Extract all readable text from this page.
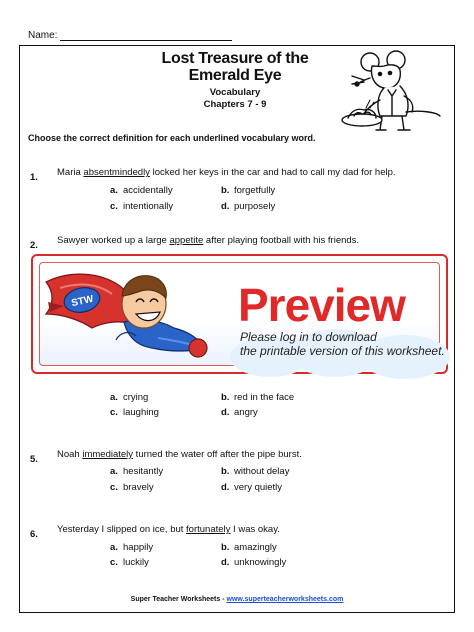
Name:
Lost Treasure of the
Emerald Eye
Vocabulary
Chapters 7 - 9
Choose the correct definition for each underlined vocabulary word.
1. Maria absentmindedly locked her keys in the car and had to call my dad for help.
a. accidentally	b. forgetfully
c. intentionally	d. purposely
2. Sawyer worked up a large appetite after playing football with his friends.
STW	Preview
Please log in to download
the printable version of this worksheet.
a. crying	b. red in the face
c. laughing	d. angry
5. Noah immediately turned the water off after the pipe burst.
a. hesitantly	b. without delay
c. bravely	d. very quietly
6. Yesterday I slipped on ice, but fortunately I was okay.
a. happily	b. amazingly
c. luckily	d. unknowingly
Super Teacher Worksheets - www.superteacherworksheets.com
